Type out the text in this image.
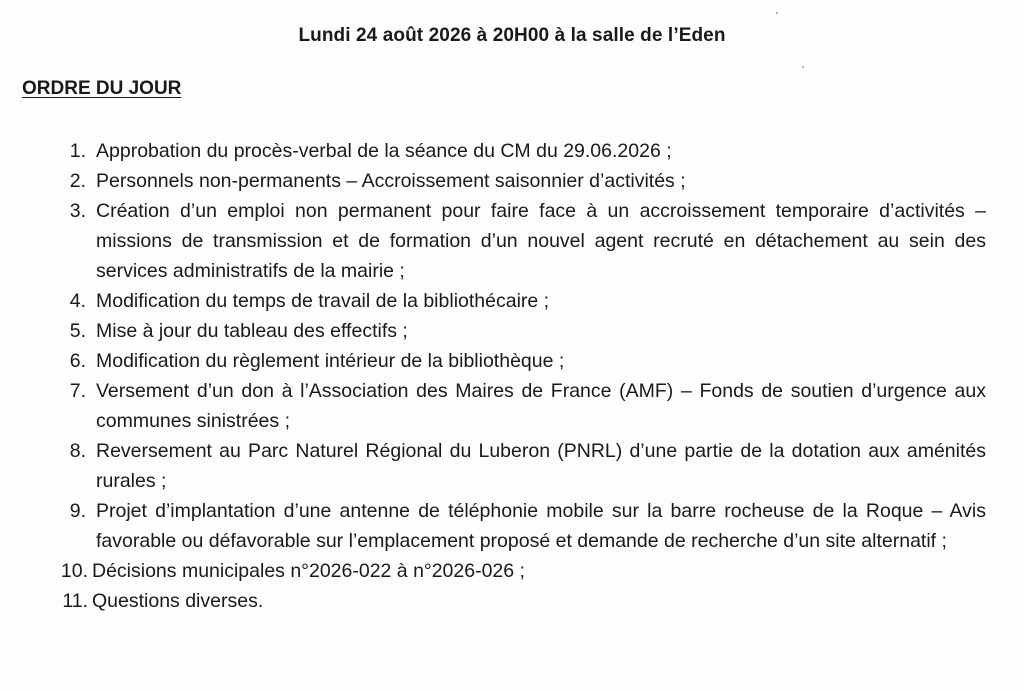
Lundi 24 août 2026 à 20H00 à la salle de l’Eden
ORDRE DU JOUR
1. Approbation du procès-verbal de la séance du CM du 29.06.2026 ;
2. Personnels non-permanents – Accroissement saisonnier d’activités ;
3. Création d’un emploi non permanent pour faire face à un accroissement temporaire d’activités – missions de transmission et de formation d’un nouvel agent recruté en détachement au sein des services administratifs de la mairie ;
4. Modification du temps de travail de la bibliothécaire ;
5. Mise à jour du tableau des effectifs ;
6. Modification du règlement intérieur de la bibliothèque ;
7. Versement d’un don à l’Association des Maires de France (AMF) – Fonds de soutien d’urgence aux communes sinistrées ;
8. Reversement au Parc Naturel Régional du Luberon (PNRL) d’une partie de la dotation aux aménités rurales ;
9. Projet d’implantation d’une antenne de téléphonie mobile sur la barre rocheuse de la Roque – Avis favorable ou défavorable sur l’emplacement proposé et demande de recherche d’un site alternatif ;
10. Décisions municipales n°2026-022 à n°2026-026 ;
11. Questions diverses.
